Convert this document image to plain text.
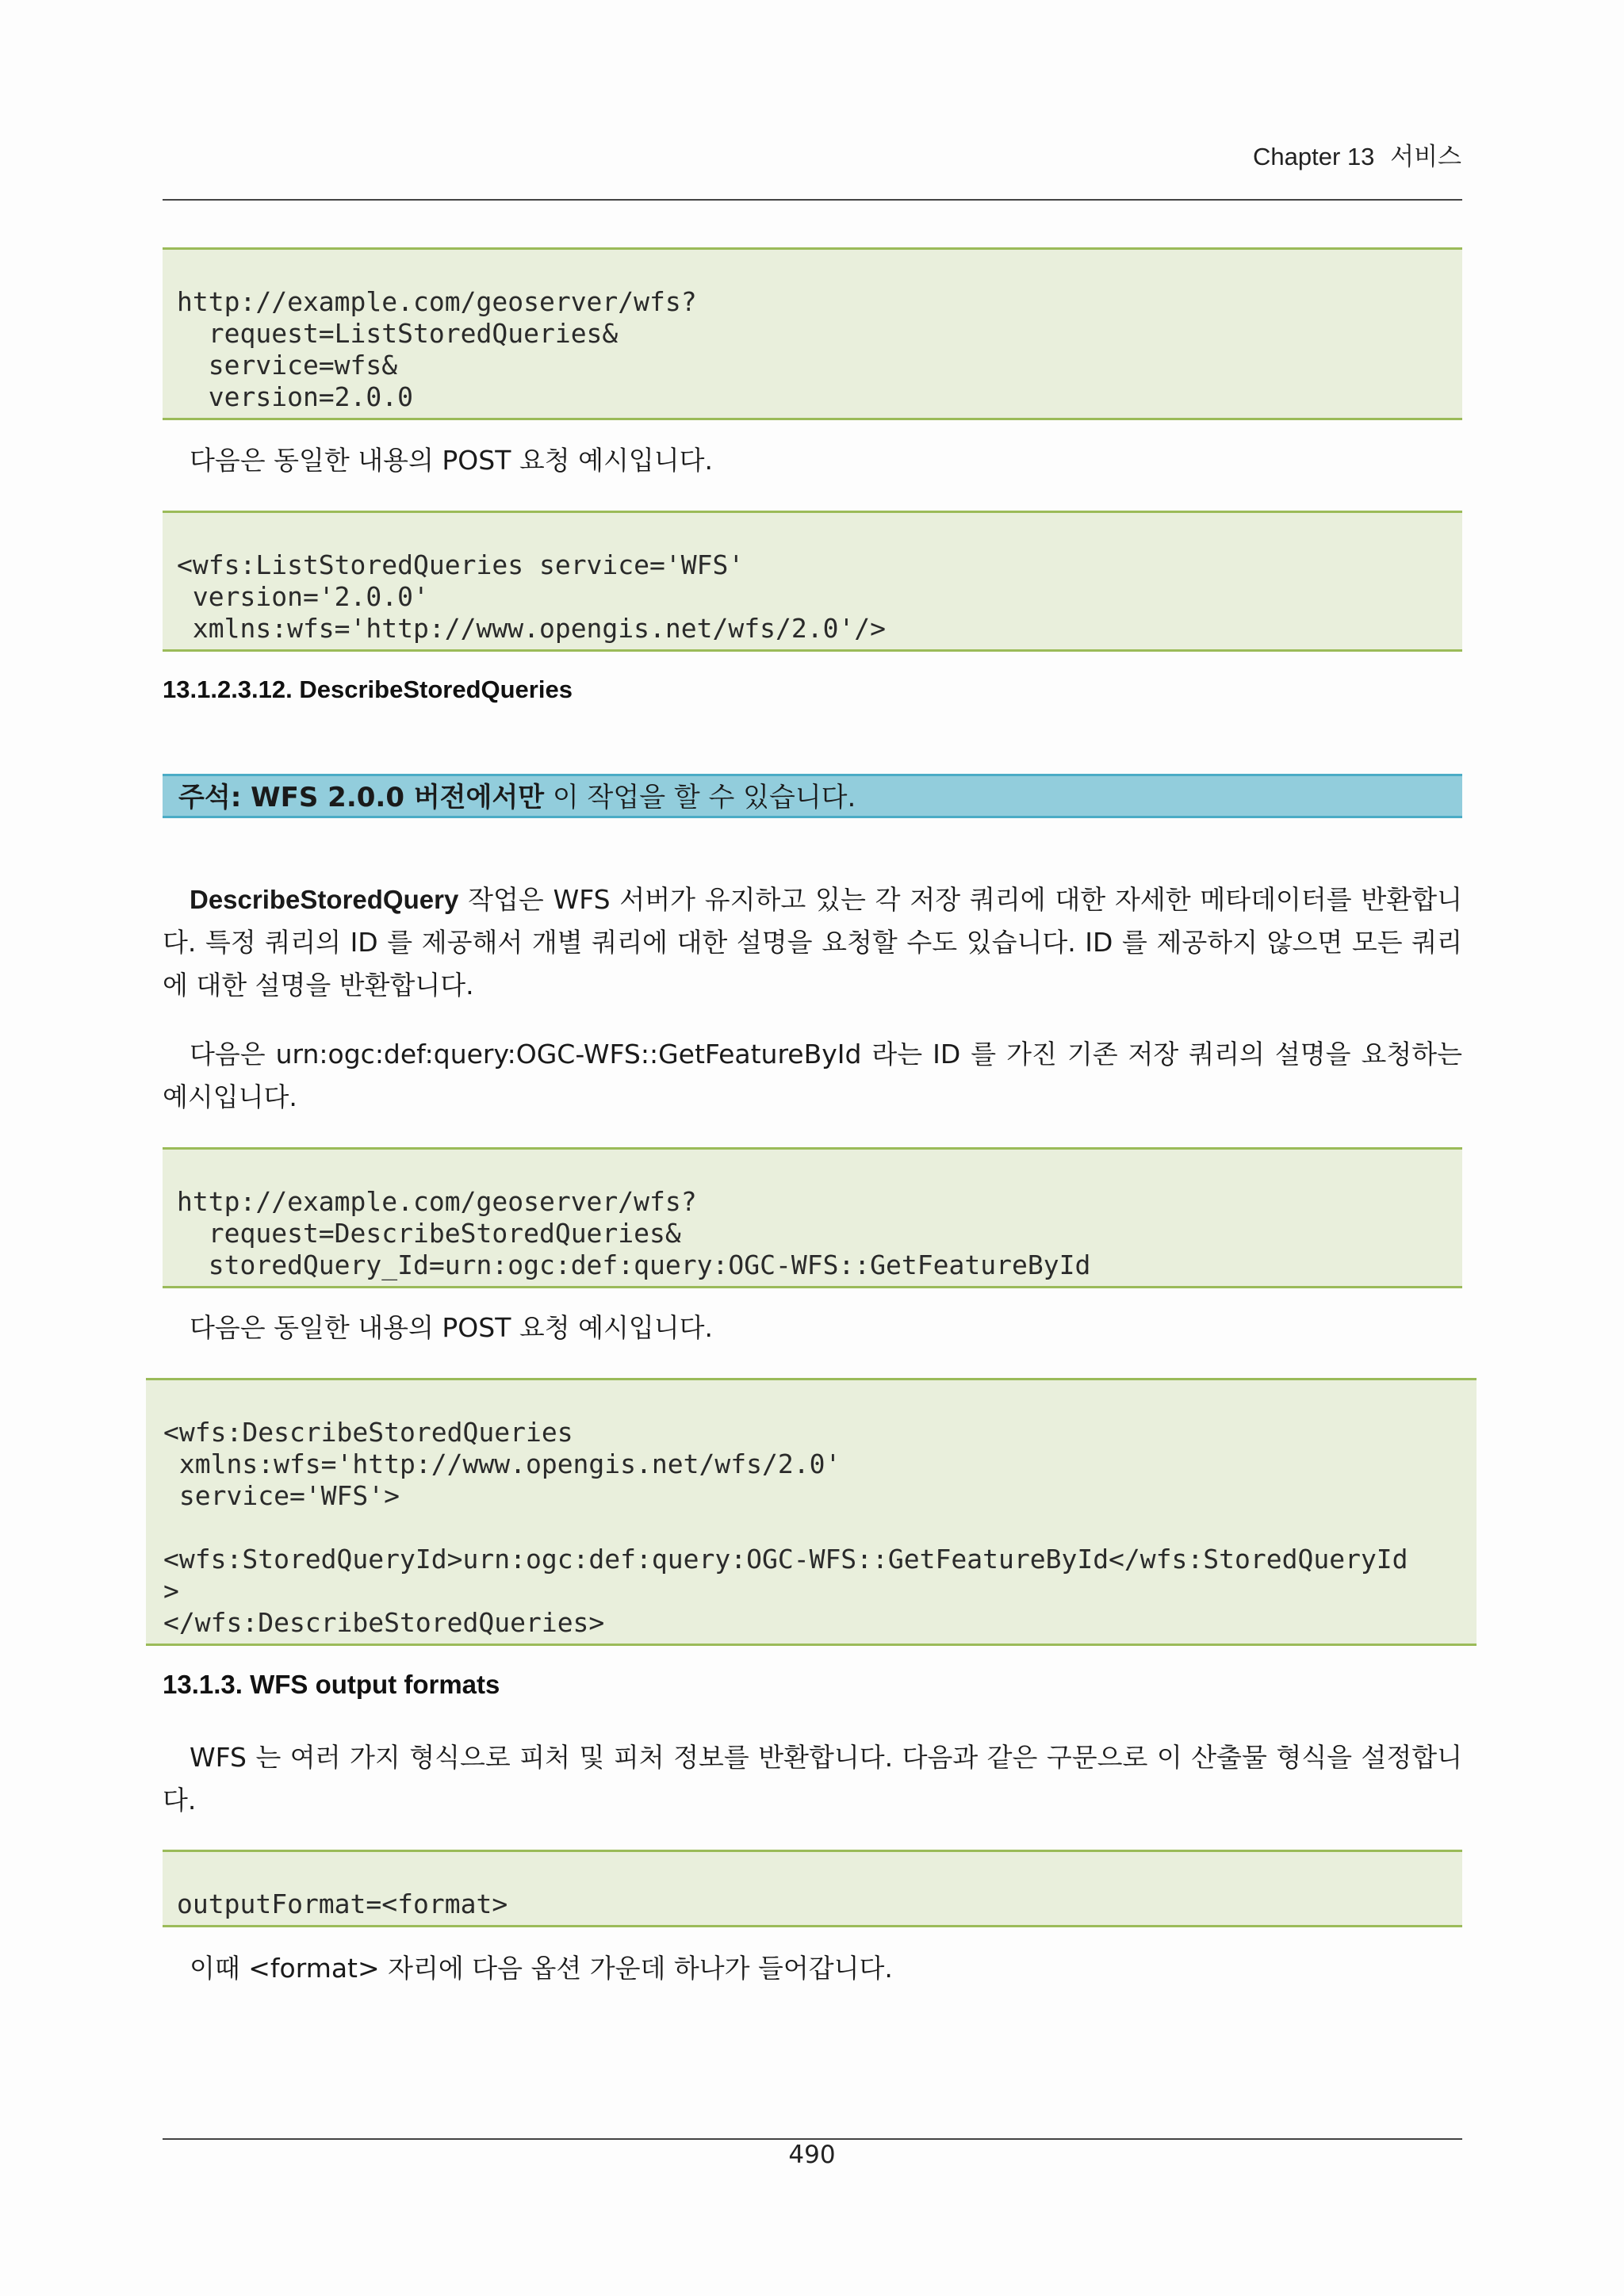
Chapter 13 서비스

http://example.com/geoserver/wfs?
request=ListStoredQueries&
service=wfs&
version=2.0.0
다음은 동일한 내용의 POST 요청 예시입니다.

<wfs:ListStoredQueries service='WFS'
version='2.0.0'
xmlns:wfs='http://www.opengis.net/wfs/2.0'/>
13.1.2.3.12. DescribeStoredQueries
주석: WFS 2.0.0 버전에서만 이 작업을 할 수 있습니다.
DescribeStoredQuery 작업은 WFS 서버가 유지하고 있는 각 저장 쿼리에 대한 자세한 메타데이터를 반환합니다. 특정 쿼리의 ID 를 제공해서 개별 쿼리에 대한 설명을 요청할 수도 있습니다. ID 를 제공하지 않으면 모든 쿼리에 대한 설명을 반환합니다.
다음은 urn:ogc:def:query:OGC-WFS::GetFeatureById 라는 ID 를 가진 기존 저장 쿼리의 설명을 요청하는 예시입니다.

http://example.com/geoserver/wfs?
request=DescribeStoredQueries&
storedQuery_Id=urn:ogc:def:query:OGC-WFS::GetFeatureById
다음은 동일한 내용의 POST 요청 예시입니다.

<wfs:DescribeStoredQueries
xmlns:wfs='http://www.opengis.net/wfs/2.0'
service='WFS'>
<wfs:StoredQueryId>urn:ogc:def:query:OGC-WFS::GetFeatureById</wfs:StoredQueryId
>
</wfs:DescribeStoredQueries>
13.1.3. WFS output formats
WFS 는 여러 가지 형식으로 피처 및 피처 정보를 반환합니다. 다음과 같은 구문으로 이 산출물 형식을 설정합니다.

outputFormat=<format>
이때 <format> 자리에 다음 옵션 가운데 하나가 들어갑니다.
490
